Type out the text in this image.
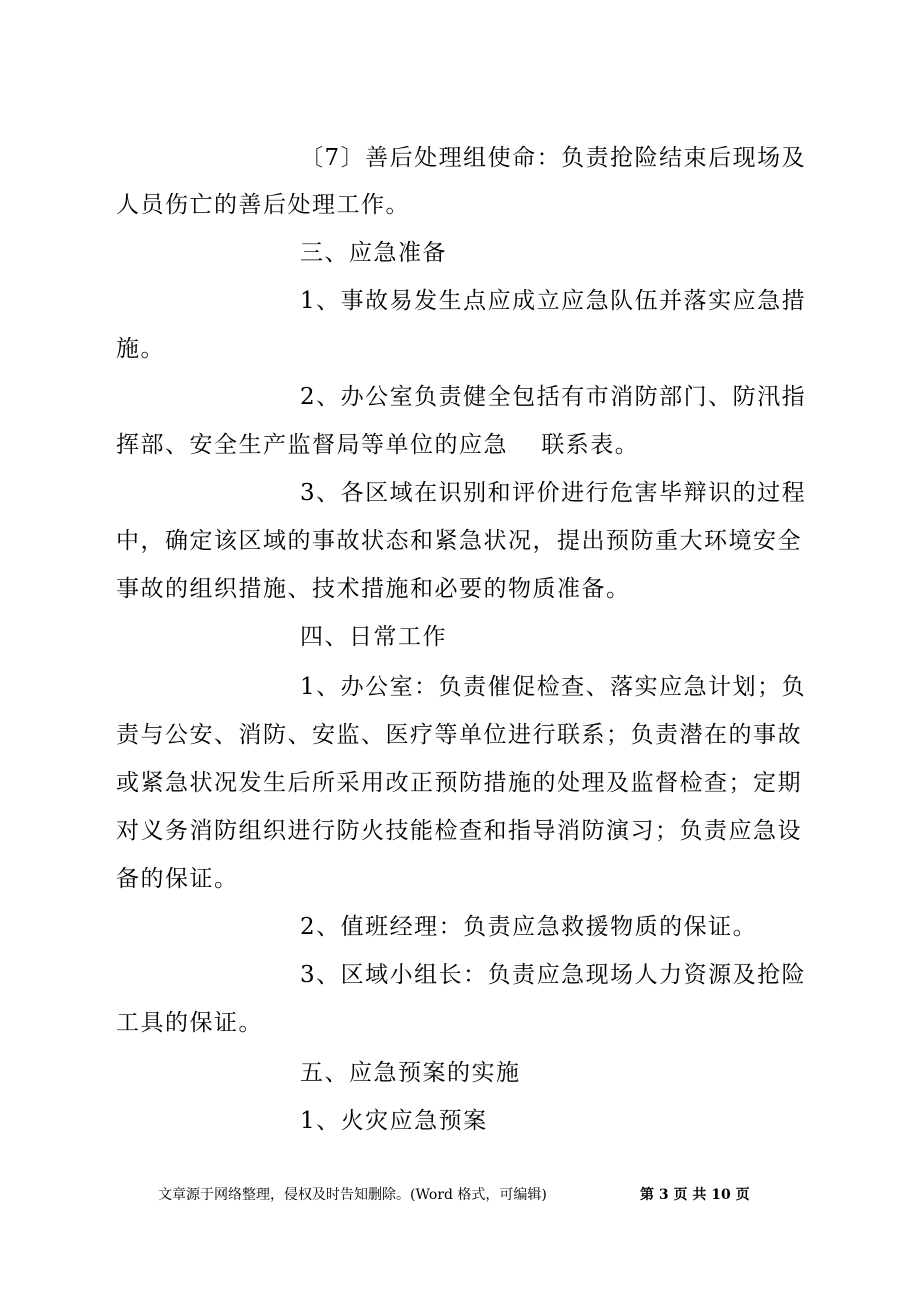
〔7〕善后处理组使命：负责抢险结束后现场及
人员伤亡的善后处理工作。
三、应急准备
1、事故易发生点应成立应急队伍并落实应急措
施。
2、办公室负责健全包括有市消防部门、防汛指
挥部、安全生产监督局等单位的应急　 联系表。
3、各区域在识别和评价进行危害毕辩识的过程
中，确定该区域的事故状态和紧急状况，提出预防重大环境安全
事故的组织措施、技术措施和必要的物质准备。
四、日常工作
1、办公室：负责催促检查、落实应急计划；负
责与公安、消防、安监、医疗等单位进行联系；负责潜在的事故
或紧急状况发生后所采用改正预防措施的处理及监督检查；定期
对义务消防组织进行防火技能检查和指导消防演习；负责应急设
备的保证。
2、值班经理：负责应急救援物质的保证。
3、区域小组长：负责应急现场人力资源及抢险
工具的保证。
五、应急预案的实施
1、火灾应急预案
文章源于网络整理，侵权及时告知删除。(Word 格式，可编辑)	第 3 页 共 10 页
